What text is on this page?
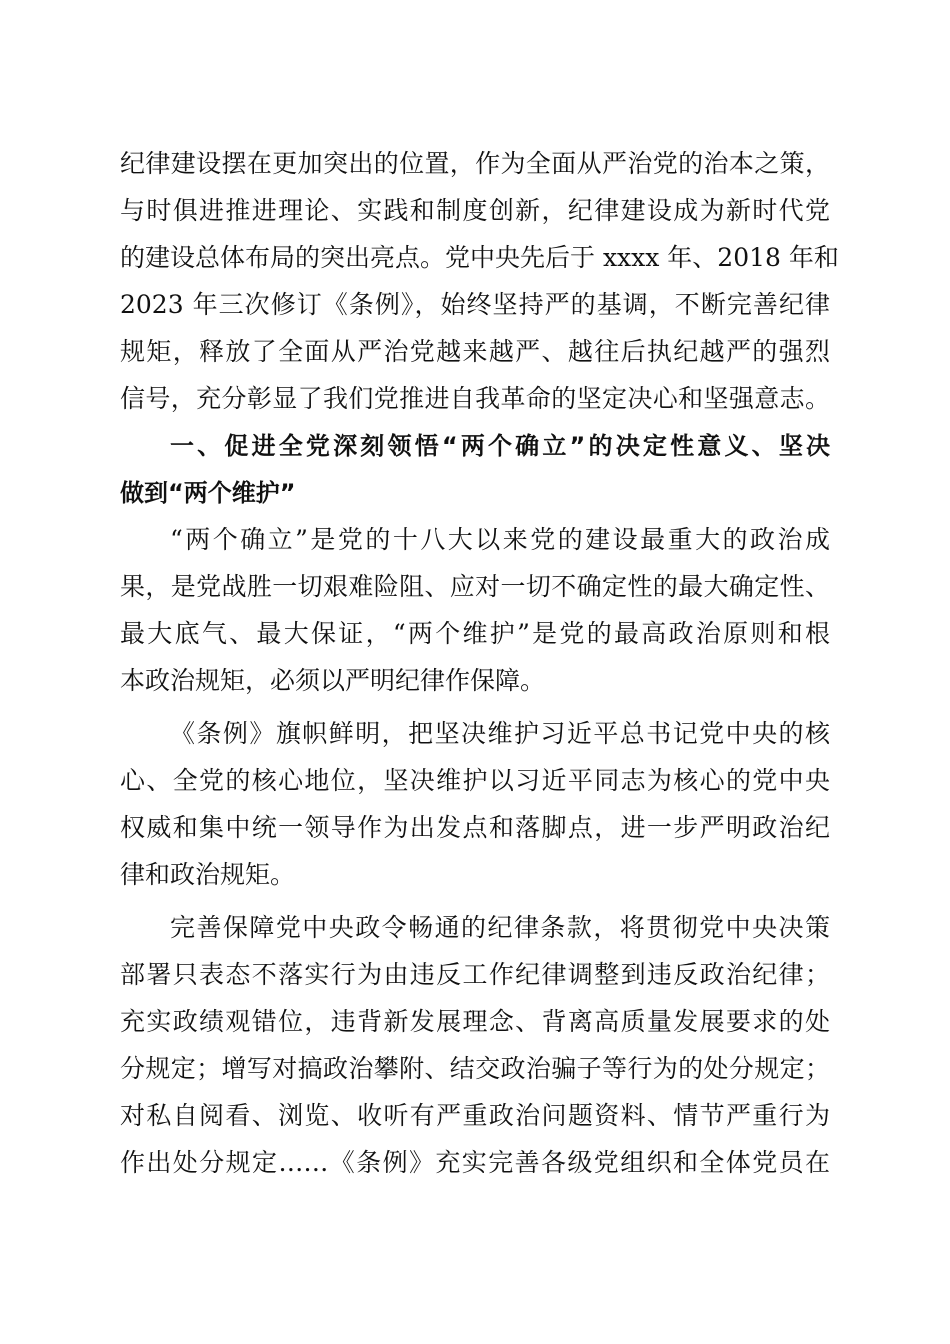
纪律建设摆在更加突出的位置，作为全面从严治党的治本之策，
与时俱进推进理论、实践和制度创新，纪律建设成为新时代党
的建设总体布局的突出亮点。党中央先后于 xxxx 年、2018 年和
2023 年三次修订《条例》，始终坚持严的基调，不断完善纪律
规矩，释放了全面从严治党越来越严、越往后执纪越严的强烈
信号，充分彰显了我们党推进自我革命的坚定决心和坚强意志。
一、促进全党深刻领悟“两个确立”的决定性意义、坚决
做到“两个维护”
“两个确立”是党的十八大以来党的建设最重大的政治成
果，是党战胜一切艰难险阻、应对一切不确定性的最大确定性、
最大底气、最大保证，“两个维护”是党的最高政治原则和根
本政治规矩，必须以严明纪律作保障。
《条例》旗帜鲜明，把坚决维护习近平总书记党中央的核
心、全党的核心地位，坚决维护以习近平同志为核心的党中央
权威和集中统一领导作为出发点和落脚点，进一步严明政治纪
律和政治规矩。
完善保障党中央政令畅通的纪律条款，将贯彻党中央决策
部署只表态不落实行为由违反工作纪律调整到违反政治纪律；
充实政绩观错位，违背新发展理念、背离高质量发展要求的处
分规定；增写对搞政治攀附、结交政治骗子等行为的处分规定；
对私自阅看、浏览、收听有严重政治问题资料、情节严重行为
作出处分规定……《条例》充实完善各级党组织和全体党员在
